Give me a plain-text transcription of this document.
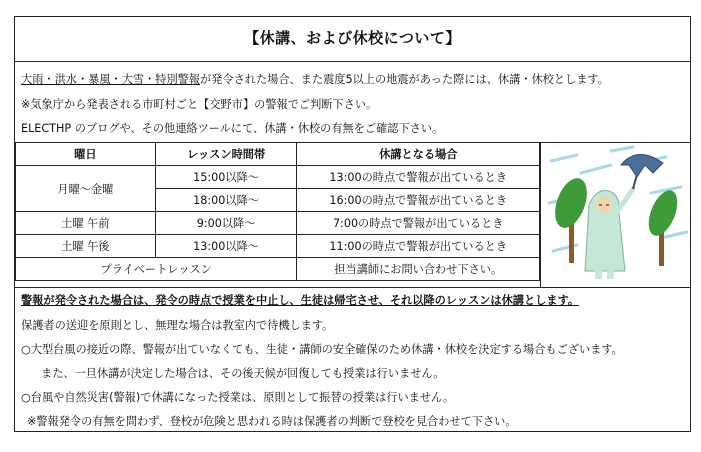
【休講、および休校について】
大雨・洪水・暴風・大雪・特別警報が発令された場合、また震度5以上の地震があった際には、休講・休校とします。
※気象庁から発表される市町村ごと【交野市】の警報でご判断下さい。
ELECTHP のブログや、その他連絡ツールにて、休講・休校の有無をご確認下さい。
曜日	レッスン時間帯	休講となる場合
月曜～金曜	15:00以降～	13:00の時点で警報が出ているとき
	18:00以降～	16:00の時点で警報が出ているとき
土曜 午前	9:00以降～	7:00の時点で警報が出ているとき
土曜 午後	13:00以降～	11:00の時点で警報が出ているとき
プライベートレッスン		担当講師にお問い合わせ下さい。
警報が発令された場合は、発令の時点で授業を中止し、生徒は帰宅させ、それ以降のレッスンは休講とします。
保護者の送迎を原則とし、無理な場合は教室内で待機します。
○大型台風の接近の際、警報が出ていなくても、生徒・講師の安全確保のため休講・休校を決定する場合もございます。
また、一旦休講が決定した場合は、その後天候が回復しても授業は行いません。
○台風や自然災害(警報)で休講になった授業は、原則として振替の授業は行いません。
※警報発令の有無を問わず、登校が危険と思われる時は保護者の判断で登校を見合わせて下さい。
